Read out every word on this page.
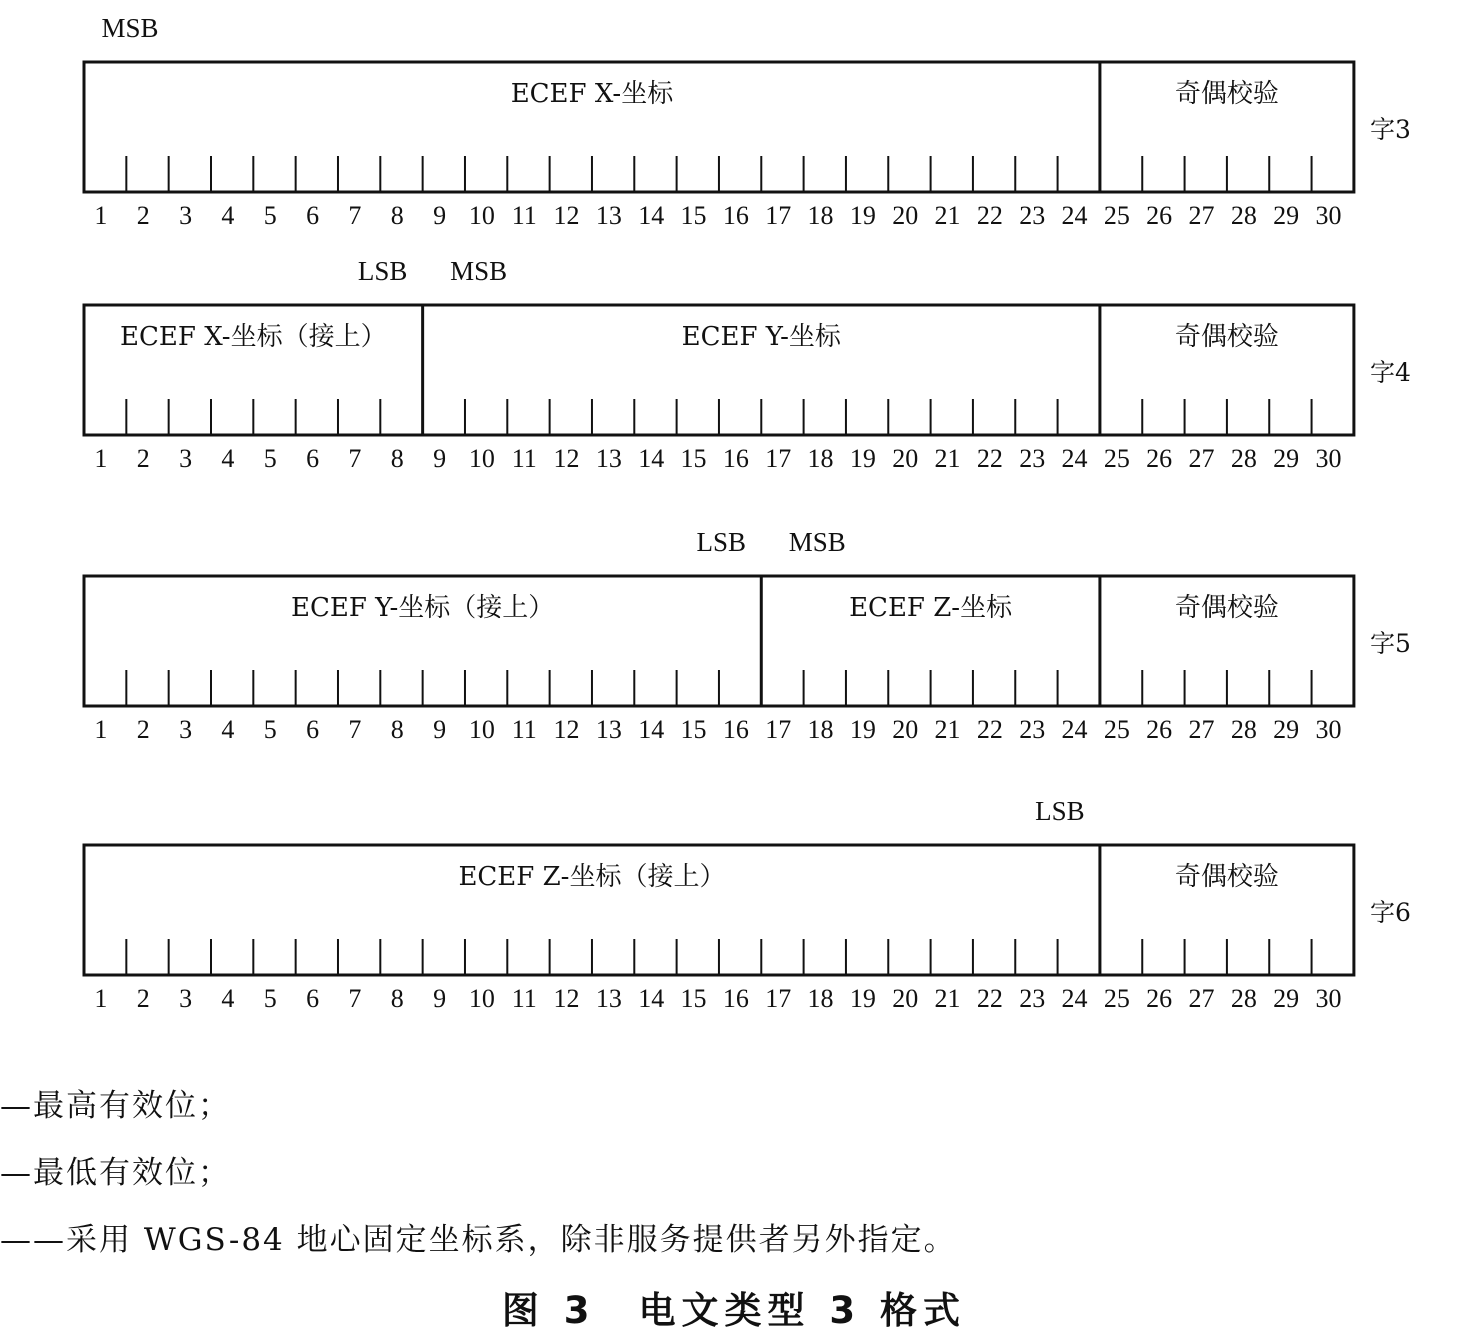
ECEF X-坐标	奇偶校验
MSB
字3
1 2 3 4 5 6 7 8 9 10 11 12 13 14 15 16 17 18 19 20 21 22 23 24 25 26 27 28 29 30
ECEF X-坐标（接上）	ECEF Y-坐标	奇偶校验
LSB MSB
字4
1 2 3 4 5 6 7 8 9 10 11 12 13 14 15 16 17 18 19 20 21 22 23 24 25 26 27 28 29 30
ECEF Y-坐标（接上）	ECEF Z-坐标	奇偶校验
LSB MSB
字5
1 2 3 4 5 6 7 8 9 10 11 12 13 14 15 16 17 18 19 20 21 22 23 24 25 26 27 28 29 30
ECEF Z-坐标（接上）	奇偶校验
LSB
字6
1 2 3 4 5 6 7 8 9 10 11 12 13 14 15 16 17 18 19 20 21 22 23 24 25 26 27 28 29 30
—最高有效位；
—最低有效位；
——采用 WGS-84 地心固定坐标系，除非服务提供者另外指定。
图 3　电文类型 3 格式
